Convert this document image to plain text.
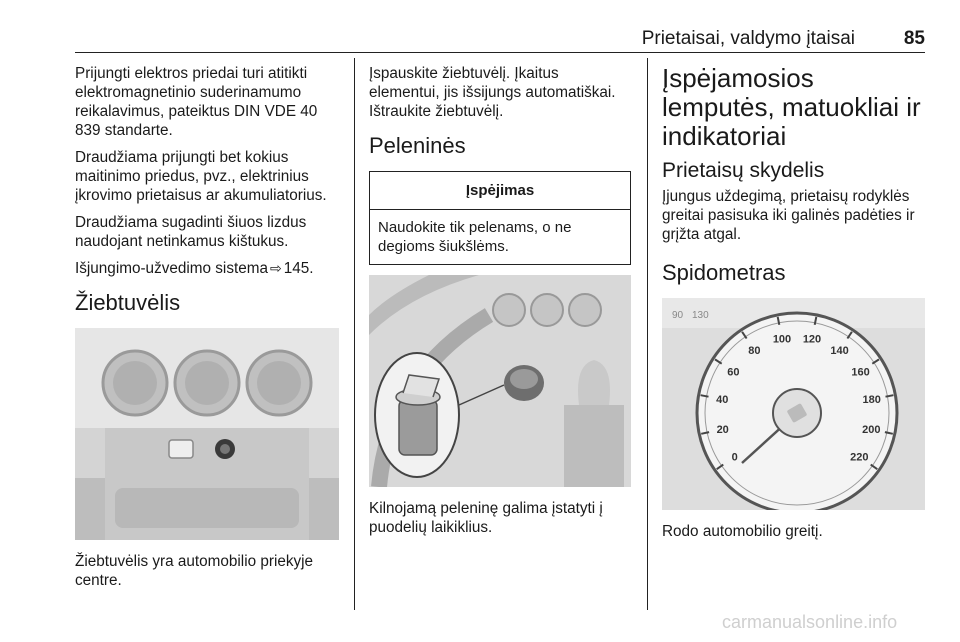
Prietaisai, valdymo įtaisai	85

Prijungti elektros priedai turi atitikti elektromagnetinio suderinamumo reikalavimus, pateiktus DIN VDE 40 839 standarte.

Draudžiama prijungti bet kokius maitinimo priedus, pvz., elektrinius įkrovimo prietaisus ar akumuliatorius.

Draudžiama sugadinti šiuos lizdus naudojant netinkamus kištukus.

Išjungimo-užvedimo sistema ⇨ 145.

Žiebtuvėlis

Žiebtuvėlis yra automobilio priekyje centre.

Įspauskite žiebtuvėlį. Įkaitus elementui, jis išsijungs automatiškai. Ištraukite žiebtuvėlį.

Peleninės
Įspėjimas
Naudokite tik pelenams, o ne degioms šiukšlėms.

Kilnojamą peleninę galima įstatyti į puodelių laikiklius.

Įspėjamosios lemputės, matuokliai ir indikatoriai
Prietaisų skydelis

Įjungus uždegimą, prietaisų rodyklės greitai pasisuka iki galinės padėties ir grįžta atgal.

Spidometras
90 130
0
20
40
60
80
100 120
140
160
180
200
220

Rodo automobilio greitį.

carmanualsonline.info
